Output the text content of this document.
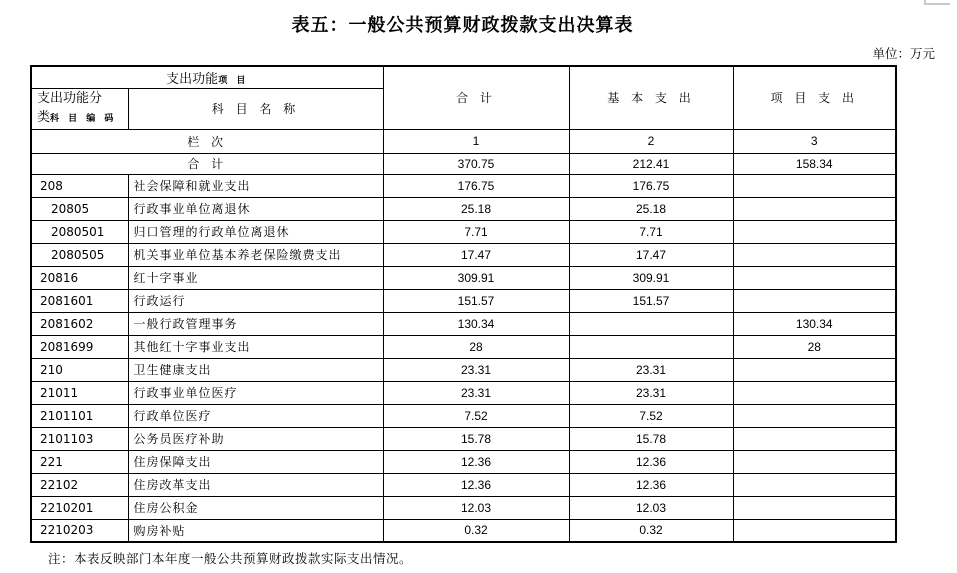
表五：一般公共预算财政拨款支出决算表
单位：万元
支出功能项 目		合 计	基 本 支 出	项 目 支 出

支出功能分
类科 目 编 码	科 目 名 称			
栏 次		1	2	3
合 计		370.75	212.41	158.34
208	社会保障和就业支出	176.75	176.75	
20805	行政事业单位离退休	25.18	25.18	
2080501	归口管理的行政单位离退休	7.71	7.71	
2080505	机关事业单位基本养老保险缴费支出	17.47	17.47	
20816	红十字事业	309.91	309.91	
2081601	行政运行	151.57	151.57	
2081602	一般行政管理事务	130.34		130.34
2081699	其他红十字事业支出	28		28
210	卫生健康支出	23.31	23.31	
21011	行政事业单位医疗	23.31	23.31	
2101101	行政单位医疗	7.52	7.52	
2101103	公务员医疗补助	15.78	15.78	
221	住房保障支出	12.36	12.36	
22102	住房改革支出	12.36	12.36	
2210201	住房公积金	12.03	12.03	
2210203	购房补贴	0.32	0.32	
注：本表反映部门本年度一般公共预算财政拨款实际支出情况。
